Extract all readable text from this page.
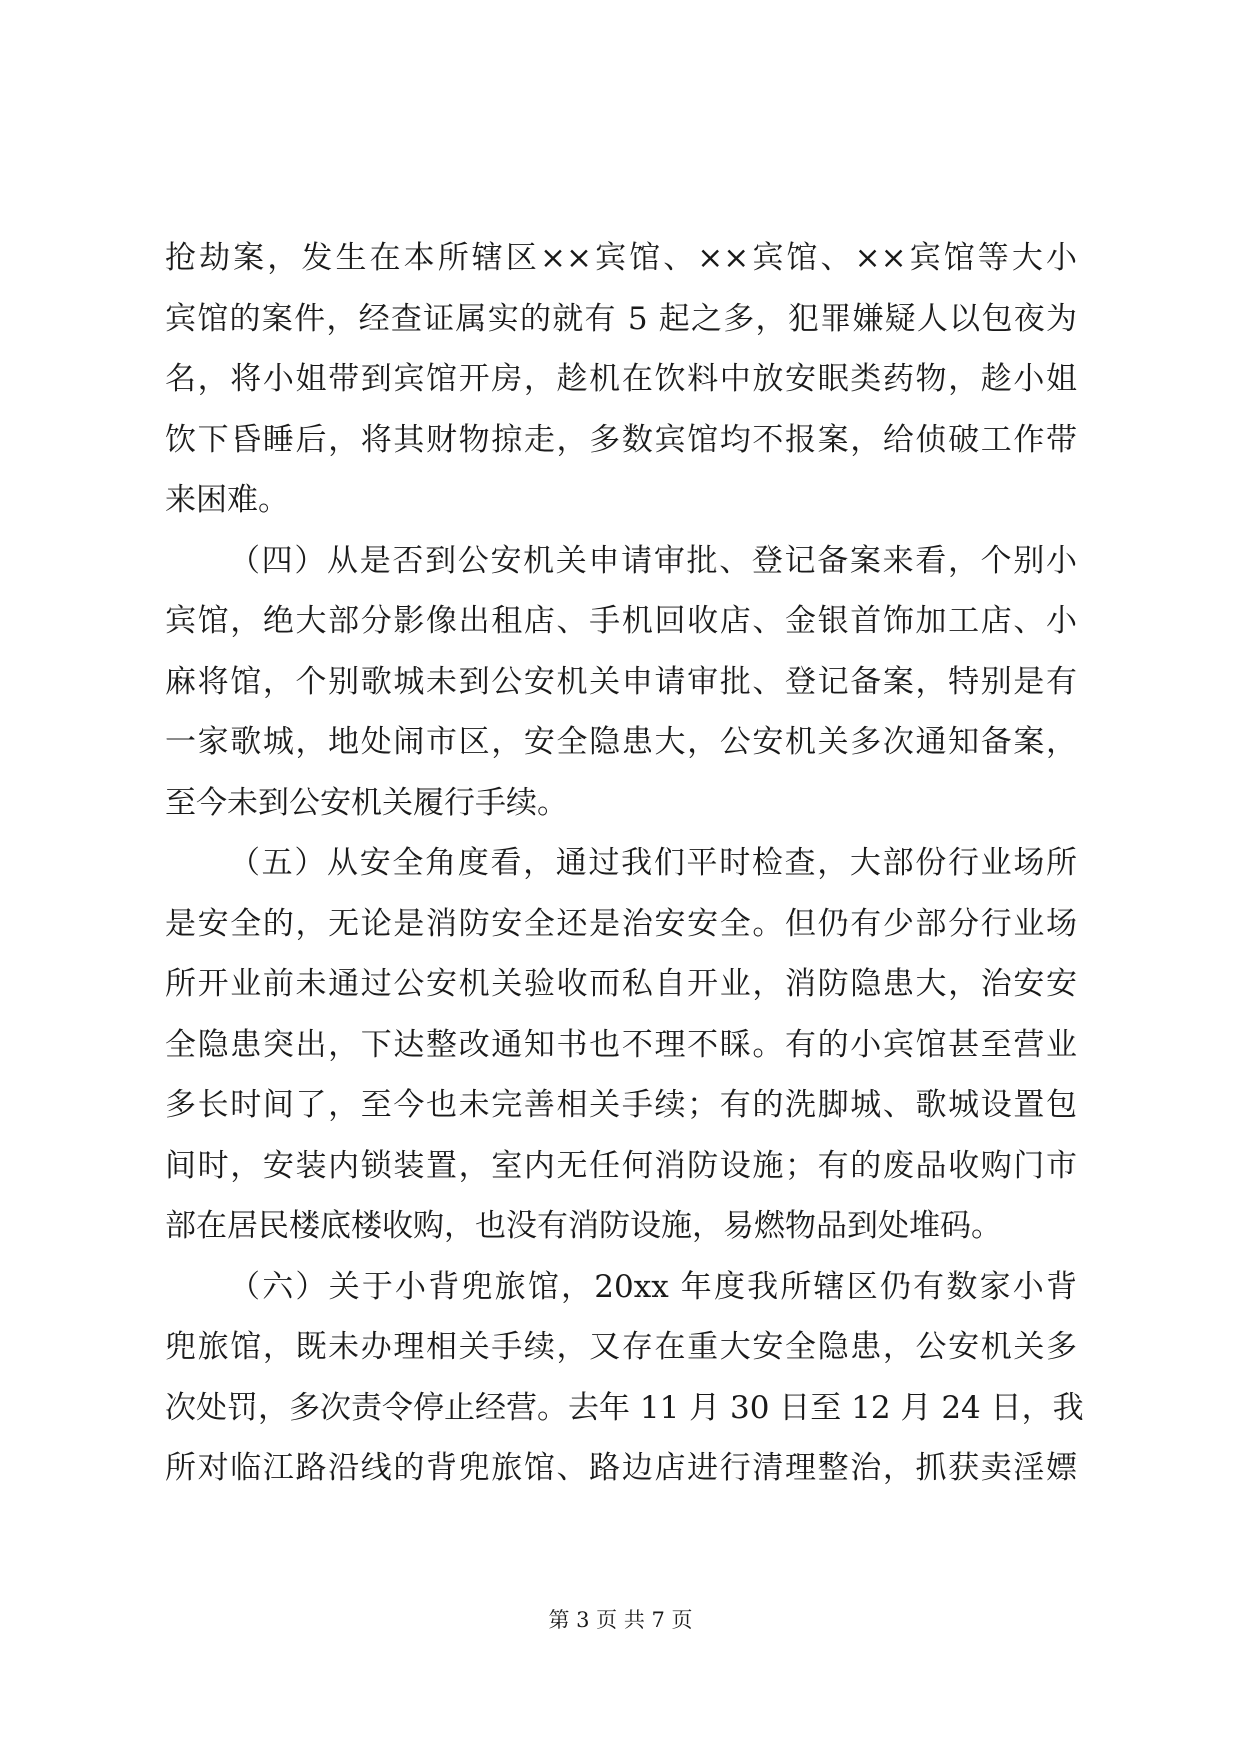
抢劫案，发生在本所辖区××宾馆、××宾馆、××宾馆等大小
宾馆的案件，经查证属实的就有 5 起之多，犯罪嫌疑人以包夜为
名，将小姐带到宾馆开房，趁机在饮料中放安眠类药物，趁小姐
饮下昏睡后，将其财物掠走，多数宾馆均不报案，给侦破工作带
来困难。
（四）从是否到公安机关申请审批、登记备案来看，个别小
宾馆，绝大部分影像出租店、手机回收店、金银首饰加工店、小
麻将馆，个别歌城未到公安机关申请审批、登记备案，特别是有
一家歌城，地处闹市区，安全隐患大，公安机关多次通知备案，
至今未到公安机关履行手续。
（五）从安全角度看，通过我们平时检查，大部份行业场所
是安全的，无论是消防安全还是治安安全。但仍有少部分行业场
所开业前未通过公安机关验收而私自开业，消防隐患大，治安安
全隐患突出，下达整改通知书也不理不睬。有的小宾馆甚至营业
多长时间了，至今也未完善相关手续；有的洗脚城、歌城设置包
间时，安装内锁装置，室内无任何消防设施；有的废品收购门市
部在居民楼底楼收购，也没有消防设施，易燃物品到处堆码。
（六）关于小背兜旅馆，20xx 年度我所辖区仍有数家小背
兜旅馆，既未办理相关手续，又存在重大安全隐患，公安机关多
次处罚，多次责令停止经营。去年 11 月 30 日至 12 月 24 日，我
所对临江路沿线的背兜旅馆、路边店进行清理整治，抓获卖淫嫖
第 3 页 共 7 页
